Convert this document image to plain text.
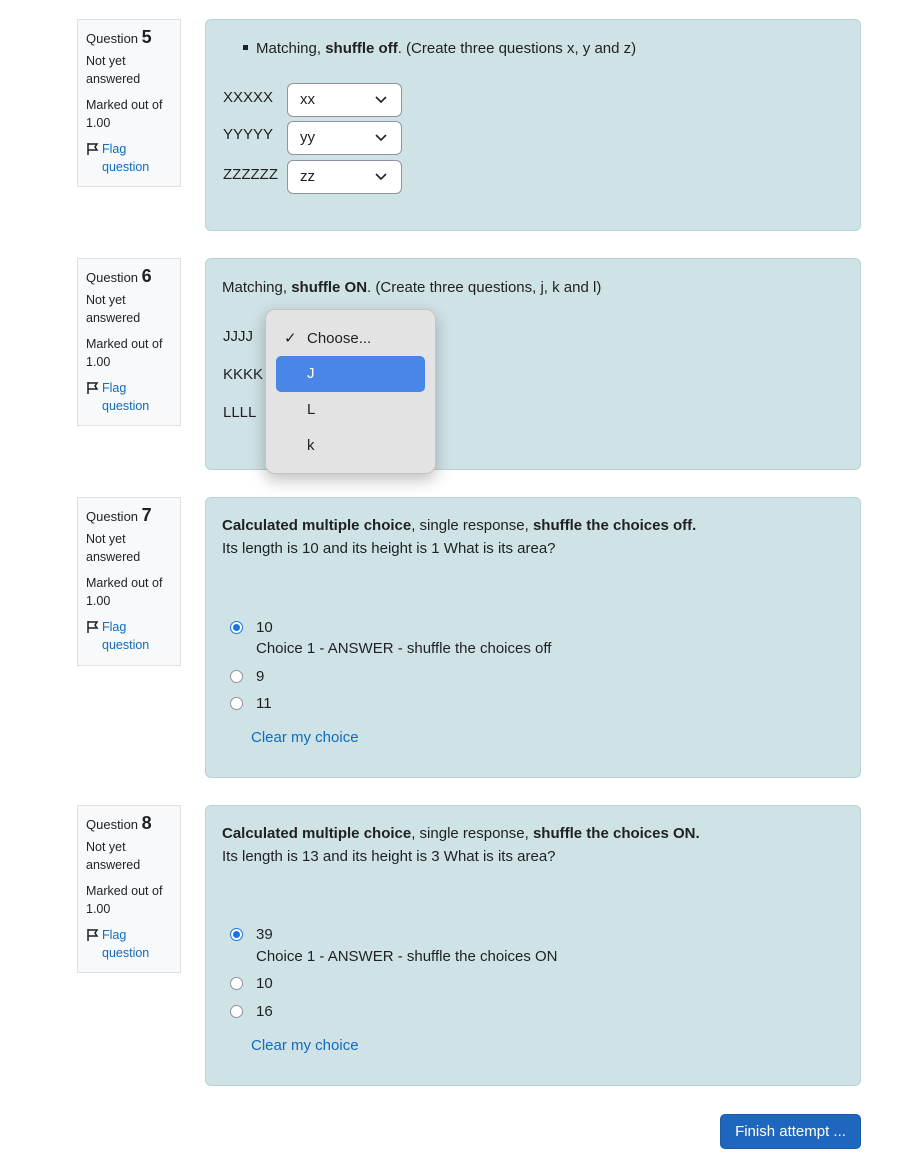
Question 5
Not yet answered
Marked out of 1.00
Flag question
Matching, shuffle off. (Create three questions x, y and z)
XXXXX	xx
YYYYY	yy
ZZZZZZ	zz
Question 6
Not yet answered
Marked out of 1.00
Flag question
Matching, shuffle ON. (Create three questions, j, k and l)
JJJJ
KKKK
LLLL
✓ Choose...
J
L
k
Question 7
Not yet answered
Marked out of 1.00
Flag question
Calculated multiple choice, single response, shuffle the choices off.
Its length is 10 and its height is 1 What is its area?
10
Choice 1 - ANSWER - shuffle the choices off
9
11
Clear my choice
Question 8
Not yet answered
Marked out of 1.00
Flag question
Calculated multiple choice, single response, shuffle the choices ON.
Its length is 13 and its height is 3 What is its area?
39
Choice 1 - ANSWER - shuffle the choices ON
10
16
Clear my choice
Finish attempt ...
